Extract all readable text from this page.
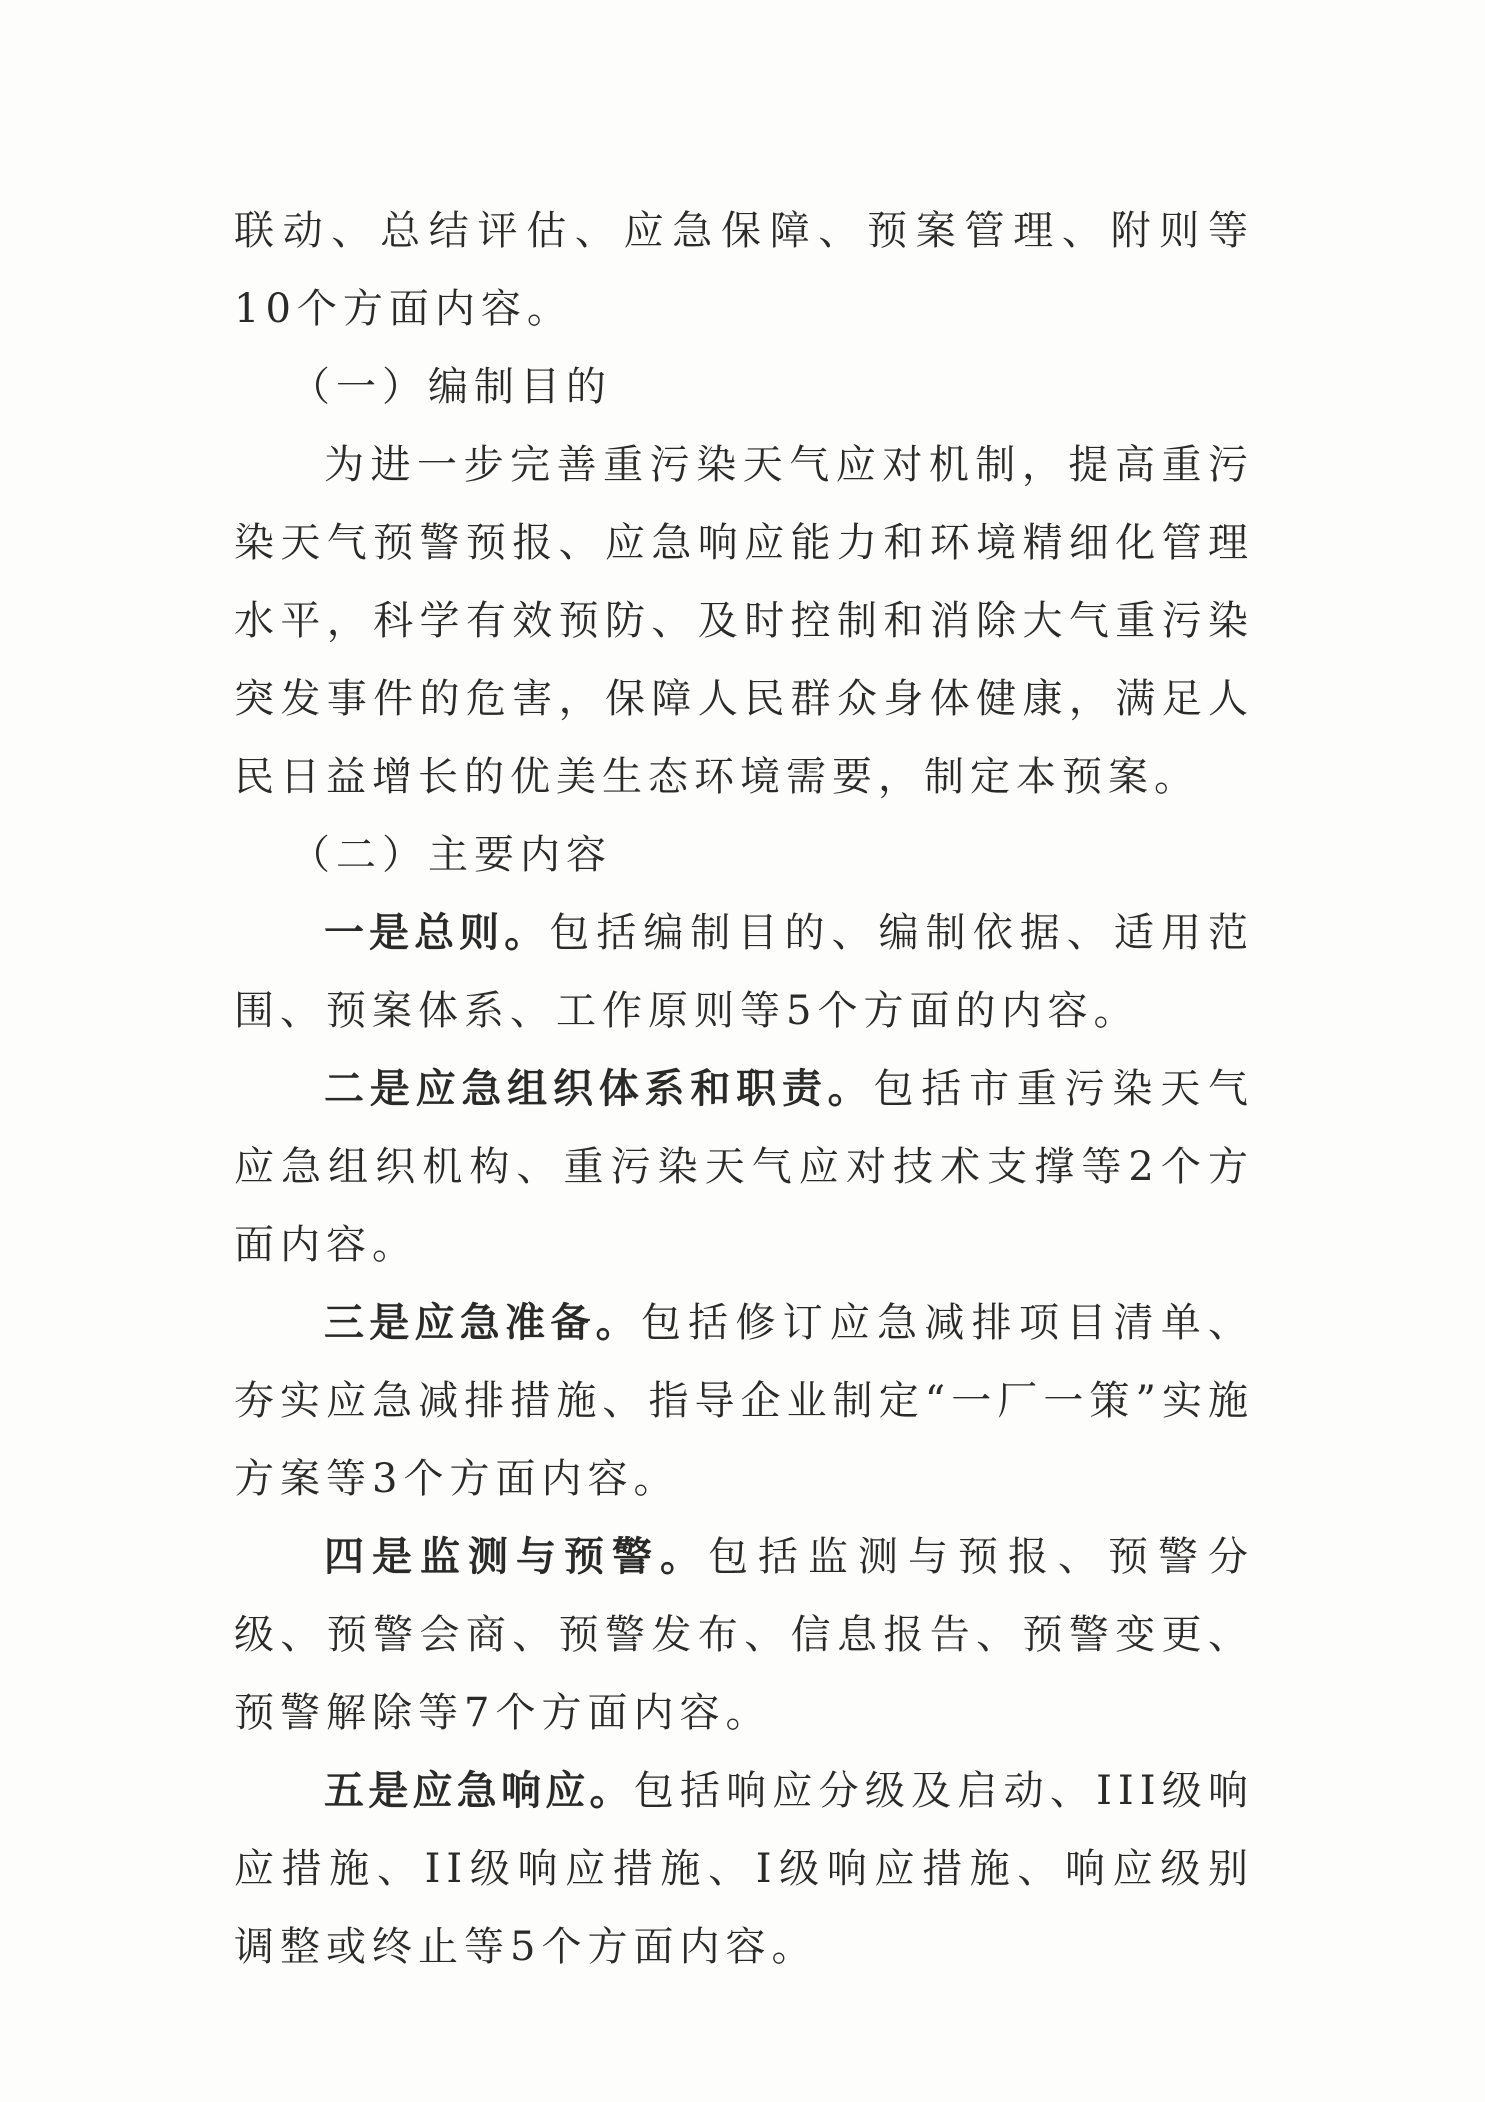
联动、总结评估、应急保障、预案管理、附则等10个方面内容。

（一）编制目的

为进一步完善重污染天气应对机制，提高重污染天气预警预报、应急响应能力和环境精细化管理水平，科学有效预防、及时控制和消除大气重污染突发事件的危害，保障人民群众身体健康，满足人民日益增长的优美生态环境需要，制定本预案。

（二）主要内容

一是总则。包括编制目的、编制依据、适用范围、预案体系、工作原则等5个方面的内容。

二是应急组织体系和职责。包括市重污染天气应急组织机构、重污染天气应对技术支撑等2个方面内容。

三是应急准备。包括修订应急减排项目清单、夯实应急减排措施、指导企业制定“一厂一策”实施方案等3个方面内容。

四是监测与预警。包括监测与预报、预警分级、预警会商、预警发布、信息报告、预警变更、预警解除等7个方面内容。

五是应急响应。包括响应分级及启动、III级响应措施、II级响应措施、I级响应措施、响应级别调整或终止等5个方面内容。
